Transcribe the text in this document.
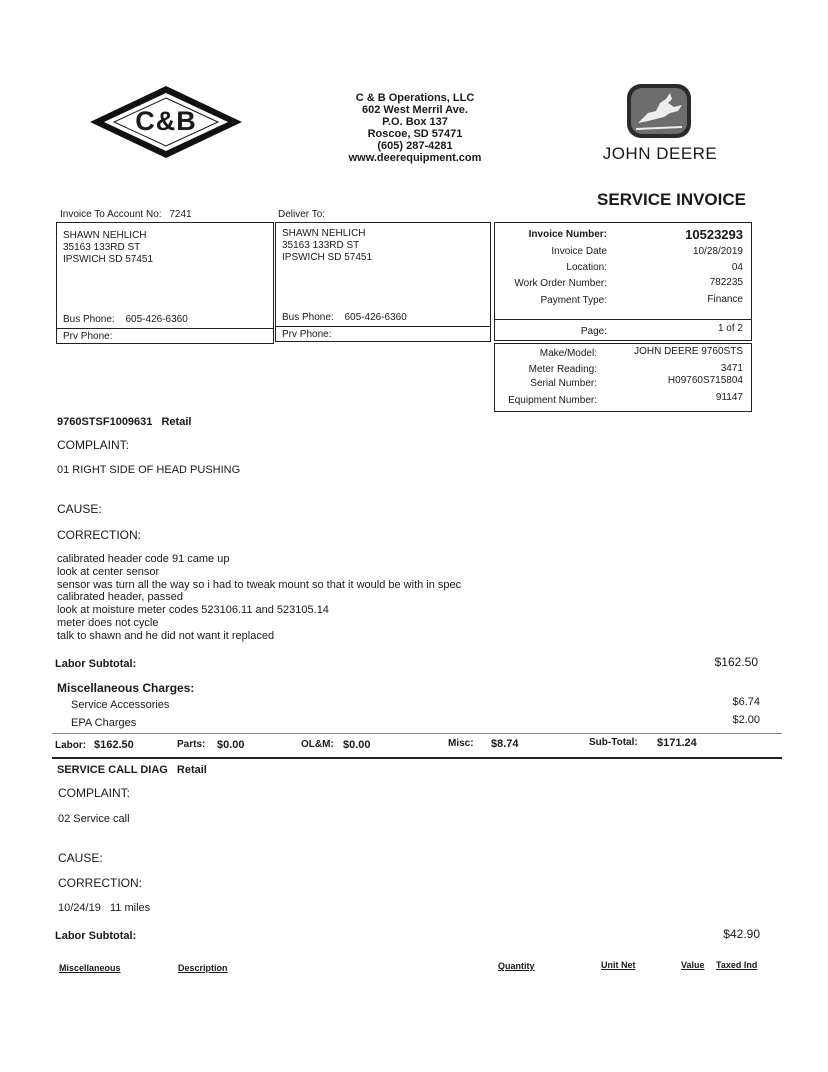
C&B
C & B Operations, LLC
602 West Merril Ave.
P.O. Box 137
Roscoe, SD 57471
(605) 287-4281
www.deerequipment.com	JOHN DEERE
SERVICE INVOICE
Invoice To Account No: 7241	Deliver To:
SHAWN NEHLICH
35163 133RD ST
IPSWICH SD 57451
Bus Phone: 605-426-6360
Prv Phone:
SHAWN NEHLICH
35163 133RD ST
IPSWICH SD 57451
Bus Phone: 605-426-6360
Prv Phone:
Invoice Number:	10523293
Invoice Date	10/28/2019
Location:	04
Work Order Number:	782235
Payment Type:	Finance
Page:	1 of 2
Make/Model:	JOHN DEERE 9760STS
Meter Reading:	3471
Serial Number:	H09760S715804
Equipment Number:	91147
9760STSF1009631 Retail
COMPLAINT:
01 RIGHT SIDE OF HEAD PUSHING
CAUSE:
CORRECTION:
calibrated header code 91 came up
look at center sensor
sensor was turn all the way so i had to tweak mount so that it would be with in spec
calibrated header, passed
look at moisture meter codes 523106.11 and 523105.14
meter does not cycle
talk to shawn and he did not want it replaced
Labor Subtotal:	$162.50
Miscellaneous Charges:
Service Accessories	$6.74
EPA Charges	$2.00
Labor: $162.50	Parts: $0.00	OL&M: $0.00	Misc: $8.74	Sub-Total: $171.24
SERVICE CALL DIAG Retail
COMPLAINT:
02 Service call
CAUSE:
CORRECTION:
10/24/19   11 miles
Labor Subtotal:	$42.90
Miscellaneous	Description	Quantity	Unit Net	Value Taxed Ind
